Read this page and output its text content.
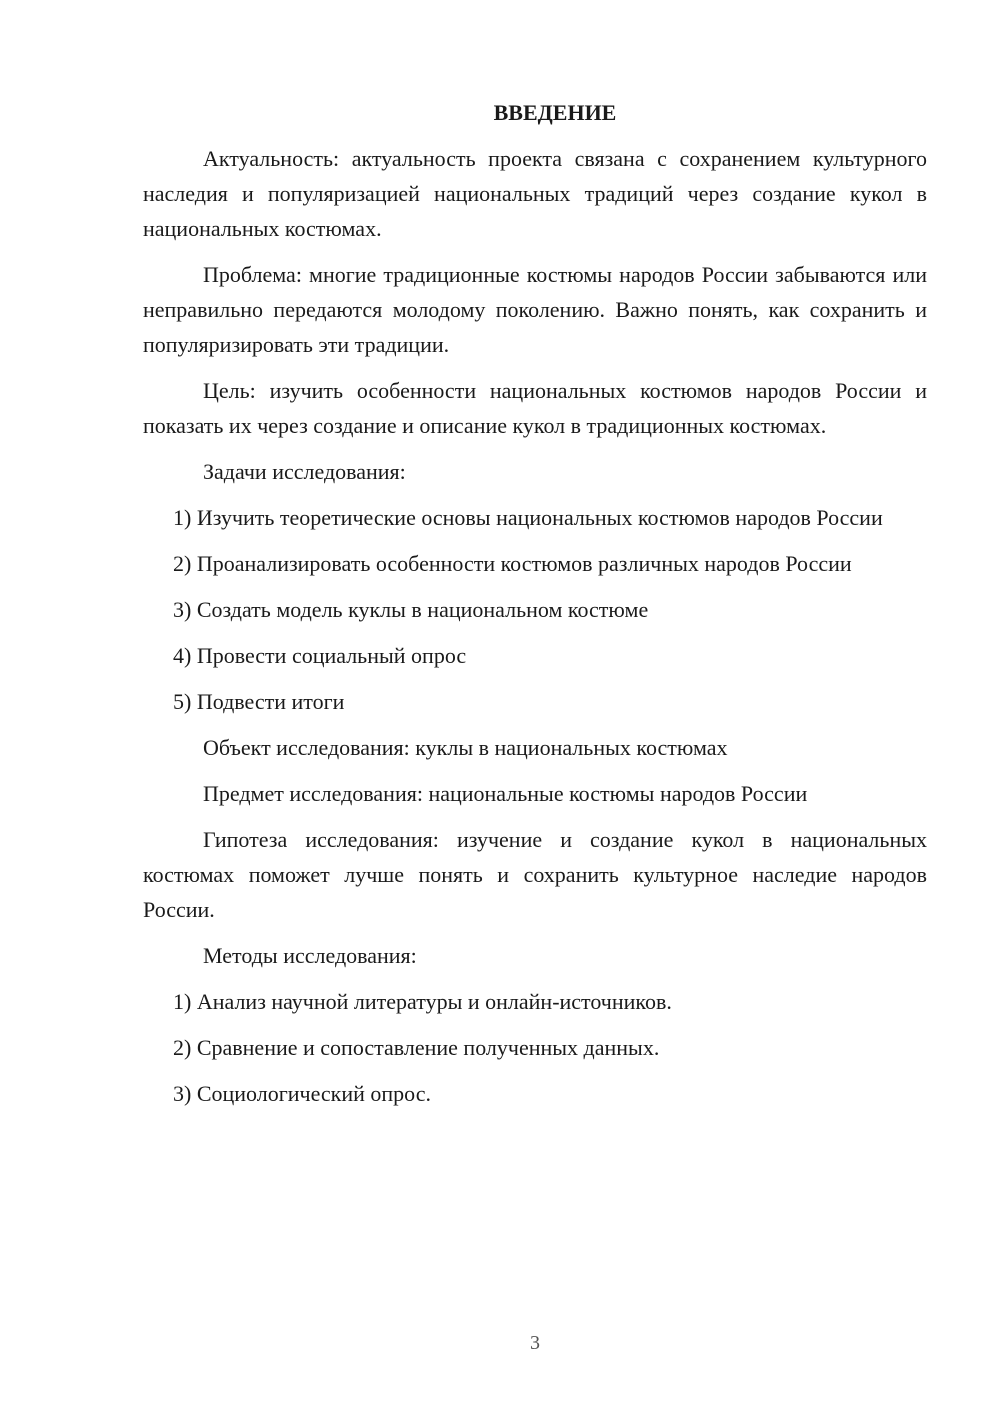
ВВЕДЕНИЕ

Актуальность: актуальность проекта связана с сохранением культурного наследия и популяризацией национальных традиций через создание кукол в национальных костюмах.

Проблема: многие традиционные костюмы народов России забываются или неправильно передаются молодому поколению. Важно понять, как сохранить и популяризировать эти традиции.

Цель: изучить особенности национальных костюмов народов России и показать их через создание и описание кукол в традиционных костюмах.

Задачи исследования:

1) Изучить теоретические основы национальных костюмов народов России

2) Проанализировать особенности костюмов различных народов России

3) Создать модель куклы в национальном костюме

4) Провести социальный опрос

5) Подвести итоги

Объект исследования: куклы в национальных костюмах

Предмет исследования: национальные костюмы народов России

Гипотеза исследования: изучение и создание кукол в национальных костюмах поможет лучше понять и сохранить культурное наследие народов России.

Методы исследования:

1) Анализ научной литературы и онлайн-источников.

2) Сравнение и сопоставление полученных данных.

3) Социологический опрос.

3
